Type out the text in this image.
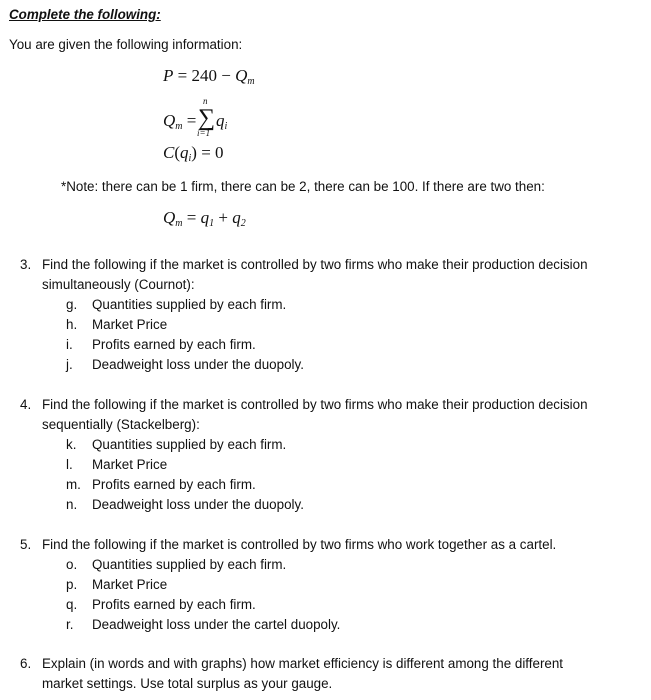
Complete the following:
You are given the following information:
$P = 240 - Q_m$
$Q_m$ =
n
∑
i=1
$q_i$
$C(q_i) = 0$
*Note: there can be 1 firm, there can be 2, there can be 100. If there are two then:
$Q_m = q_1 + q_2$
3. Find the following if the market is controlled by two firms who make their production decision
simultaneously (Cournot):
g. Quantities supplied by each firm.
h. Market Price
i. Profits earned by each firm.
j. Deadweight loss under the duopoly.
4. Find the following if the market is controlled by two firms who make their production decision
sequentially (Stackelberg):
k. Quantities supplied by each firm.
l. Market Price
m. Profits earned by each firm.
n. Deadweight loss under the duopoly.
5. Find the following if the market is controlled by two firms who work together as a cartel.
o. Quantities supplied by each firm.
p. Market Price
q. Profits earned by each firm.
r. Deadweight loss under the cartel duopoly.
6. Explain (in words and with graphs) how market efficiency is different among the different
market settings. Use total surplus as your gauge.
